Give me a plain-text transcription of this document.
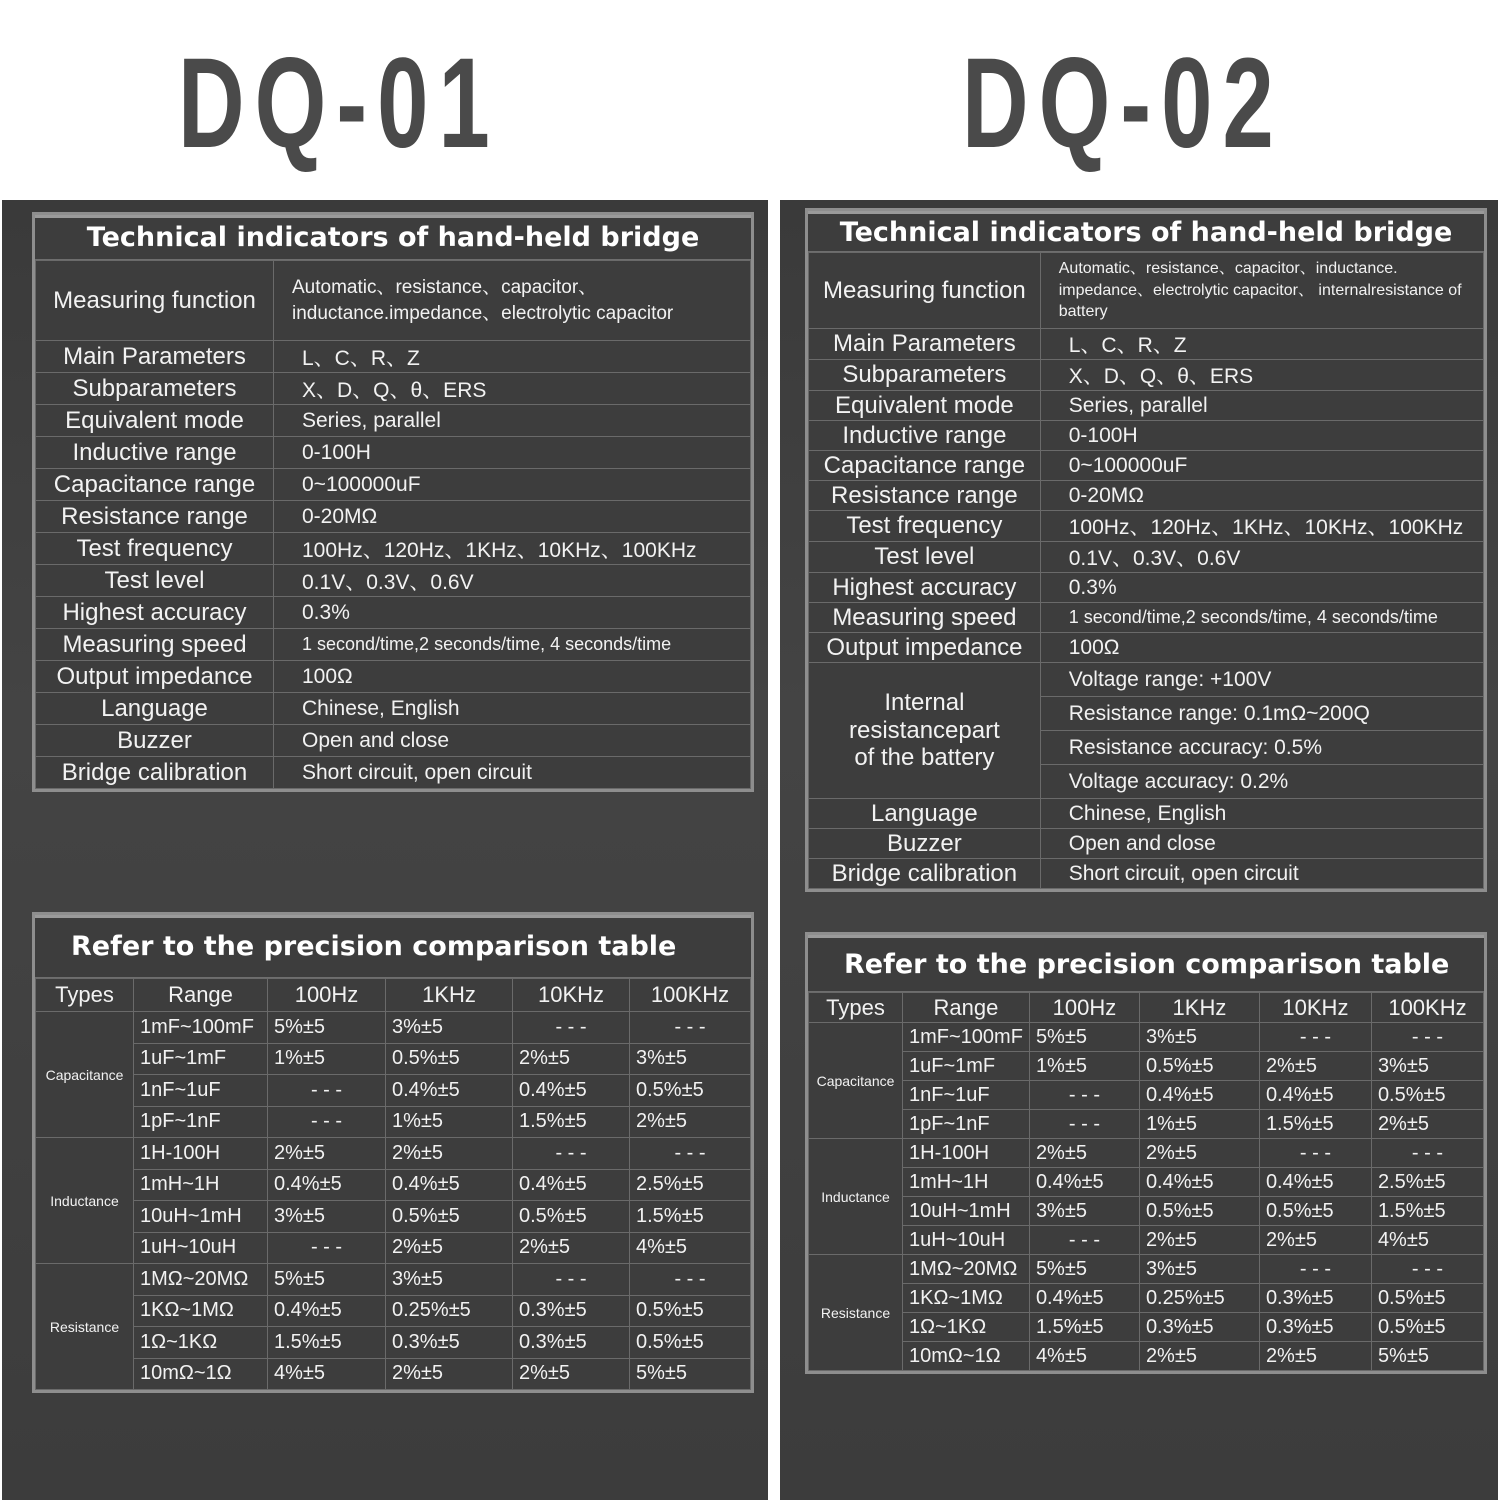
DQ-01	DQ-02
Technical indicators of hand-held bridge
Measuring function	Automatic、resistance、capacitor、 inductance.impedance、electrolytic capacitor
Main Parameters	L、C、R、Z
Subparameters	X、D、Q、θ、ERS
Equivalent mode	Series, parallel
Inductive range	0-100H
Capacitance range	0~100000uF
Resistance range	0-20MΩ
Test frequency	100Hz、120Hz、1KHz、10KHz、100KHz
Test level	0.1V、0.3V、0.6V
Highest accuracy	0.3%
Measuring speed	1 second/time,2 seconds/time, 4 seconds/time
Output impedance	100Ω
Language	Chinese, English
Buzzer	Open and close
Bridge calibration	Short circuit, open circuit
Refer to the precision comparison table
Types	Range	100Hz	1KHz	10KHz	100KHz
Capacitance	1mF~100mF	5%±5	3%±5	- - -	- - -
	1uF~1mF	1%±5	0.5%±5	2%±5	3%±5
	1nF~1uF	- - -	0.4%±5	0.4%±5	0.5%±5
	1pF~1nF	- - -	1%±5	1.5%±5	2%±5
Inductance	1H-100H	2%±5	2%±5	- - -	- - -
	1mH~1H	0.4%±5	0.4%±5	0.4%±5	2.5%±5
	10uH~1mH	3%±5	0.5%±5	0.5%±5	1.5%±5
	1uH~10uH	- - -	2%±5	2%±5	4%±5
Resistance	1MΩ~20MΩ	5%±5	3%±5	- - -	- - -
	1KΩ~1MΩ	0.4%±5	0.25%±5	0.3%±5	0.5%±5
	1Ω~1KΩ	1.5%±5	0.3%±5	0.3%±5	0.5%±5
	10mΩ~1Ω	4%±5	2%±5	2%±5	5%±5
Technical indicators of hand-held bridge
Measuring function	Automatic、resistance、capacitor、inductance. impedance、electrolytic capacitor、 internalresistance of battery
Main Parameters	L、C、R、Z
Subparameters	X、D、Q、θ、ERS
Equivalent mode	Series, parallel
Inductive range	0-100H
Capacitance range	0~100000uF
Resistance range	0-20MΩ
Test frequency	100Hz、120Hz、1KHz、10KHz、100KHz
Test level	0.1V、0.3V、0.6V
Highest accuracy	0.3%
Measuring speed	1 second/time,2 seconds/time, 4 seconds/time
Output impedance	100Ω
Internal resistancepart of the battery	Voltage range: +100V
	Resistance range: 0.1mΩ~200Q
	Resistance accuracy: 0.5%
	Voltage accuracy: 0.2%
Language	Chinese, English
Buzzer	Open and close
Bridge calibration	Short circuit, open circuit
Refer to the precision comparison table
Types	Range	100Hz	1KHz	10KHz	100KHz
Capacitance	1mF~100mF	5%±5	3%±5	- - -	- - -
	1uF~1mF	1%±5	0.5%±5	2%±5	3%±5
	1nF~1uF	- - -	0.4%±5	0.4%±5	0.5%±5
	1pF~1nF	- - -	1%±5	1.5%±5	2%±5
Inductance	1H-100H	2%±5	2%±5	- - -	- - -
	1mH~1H	0.4%±5	0.4%±5	0.4%±5	2.5%±5
	10uH~1mH	3%±5	0.5%±5	0.5%±5	1.5%±5
	1uH~10uH	- - -	2%±5	2%±5	4%±5
Resistance	1MΩ~20MΩ	5%±5	3%±5	- - -	- - -
	1KΩ~1MΩ	0.4%±5	0.25%±5	0.3%±5	0.5%±5
	1Ω~1KΩ	1.5%±5	0.3%±5	0.3%±5	0.5%±5
	10mΩ~1Ω	4%±5	2%±5	2%±5	5%±5
